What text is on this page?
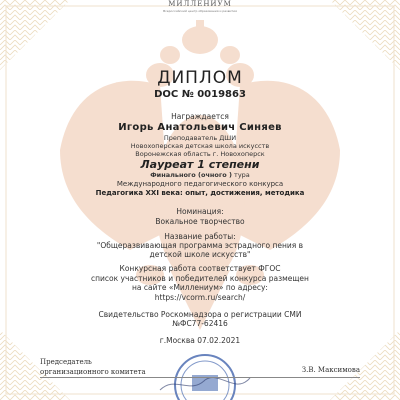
МИЛЛЕНИУМ
Всероссийский центр образования и развития
ДИПЛОМ
DOC № 0019863
Награждается
Игорь Анатольевич Синяев
Преподаватель ДШИ
Новохоперская детская школа искусств
Воронежская область г. Новохоперск
Лауреат 1 степени
Финального (очного ) тура
Международного педагогического конкурса
Педагогика XXI века: опыт, достижения, методика
Номинация:
Вокальное творчество
Название работы:
"Общеразвивающая программа эстрадного пения в детской школе искусств"
Конкурсная работа соответствует ФГОС
список участников и победителей конкурса размещен
на сайте «Миллениум» по адресу:
https://vcorm.ru/search/
Свидетельство Роскомнадзора о регистрации СМИ
№ФС77-62416
г.Москва 07.02.2021
Председатель организационного комитета	З.В. Максимова
